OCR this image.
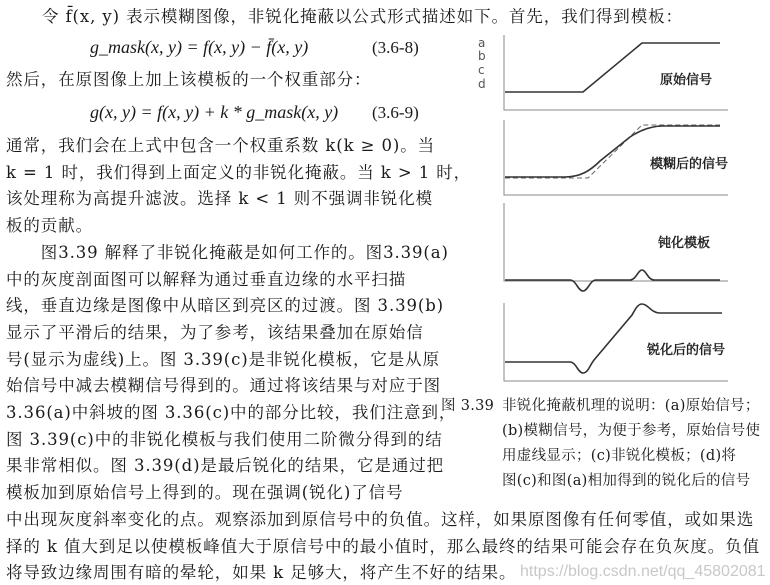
令 f̄(x, y) 表示模糊图像，非锐化掩蔽以公式形式描述如下。首先，我们得到模板：
g_mask(x, y) = f(x, y) − f̄(x, y)	(3.6-8)
然后，在原图像上加上该模板的一个权重部分：
g(x, y) = f(x, y) + k * g_mask(x, y) (3.6-9)
通常，我们会在上式中包含一个权重系数 k(k ≥ 0)。当
k = 1 时，我们得到上面定义的非锐化掩蔽。当 k > 1 时，
该处理称为高提升滤波。选择 k < 1 则不强调非锐化模
板的贡献。
　　图3.39 解释了非锐化掩蔽是如何工作的。图3.39(a)
中的灰度剖面图可以解释为通过垂直边缘的水平扫描
线，垂直边缘是图像中从暗区到亮区的过渡。图 3.39(b)
显示了平滑后的结果，为了参考，该结果叠加在原始信
号(显示为虚线)上。图 3.39(c)是非锐化模板，它是从原
始信号中减去模糊信号得到的。通过将该结果与对应于图
3.36(a)中斜坡的图 3.36(c)中的部分比较，我们注意到，
图 3.39(c)中的非锐化模板与我们使用二阶微分得到的结
果非常相似。图 3.39(d)是最后锐化的结果，它是通过把
模板加到原始信号上得到的。现在强调(锐化)了信号
中出现灰度斜率变化的点。观察添加到原信号中的负值。这样，如果原图像有任何零值，或如果选
择的 k 值大到足以使模板峰值大于原信号中的最小值时，那么最终的结果可能会存在负灰度。负值
将导致边缘周围有暗的晕轮，如果 k 足够大，将产生不好的结果。
a
b
c
d	原始信号
模糊后的信号
钝化模板
锐化后的信号
图 3.39 非锐化掩蔽机理的说明：(a)原始信号；
(b)模糊信号，为便于参考，原始信号使
用虚线显示；(c)非锐化模板；(d)将
图(c)和图(a)相加得到的锐化后的信号
https://blog.csdn.net/qq_45802081
